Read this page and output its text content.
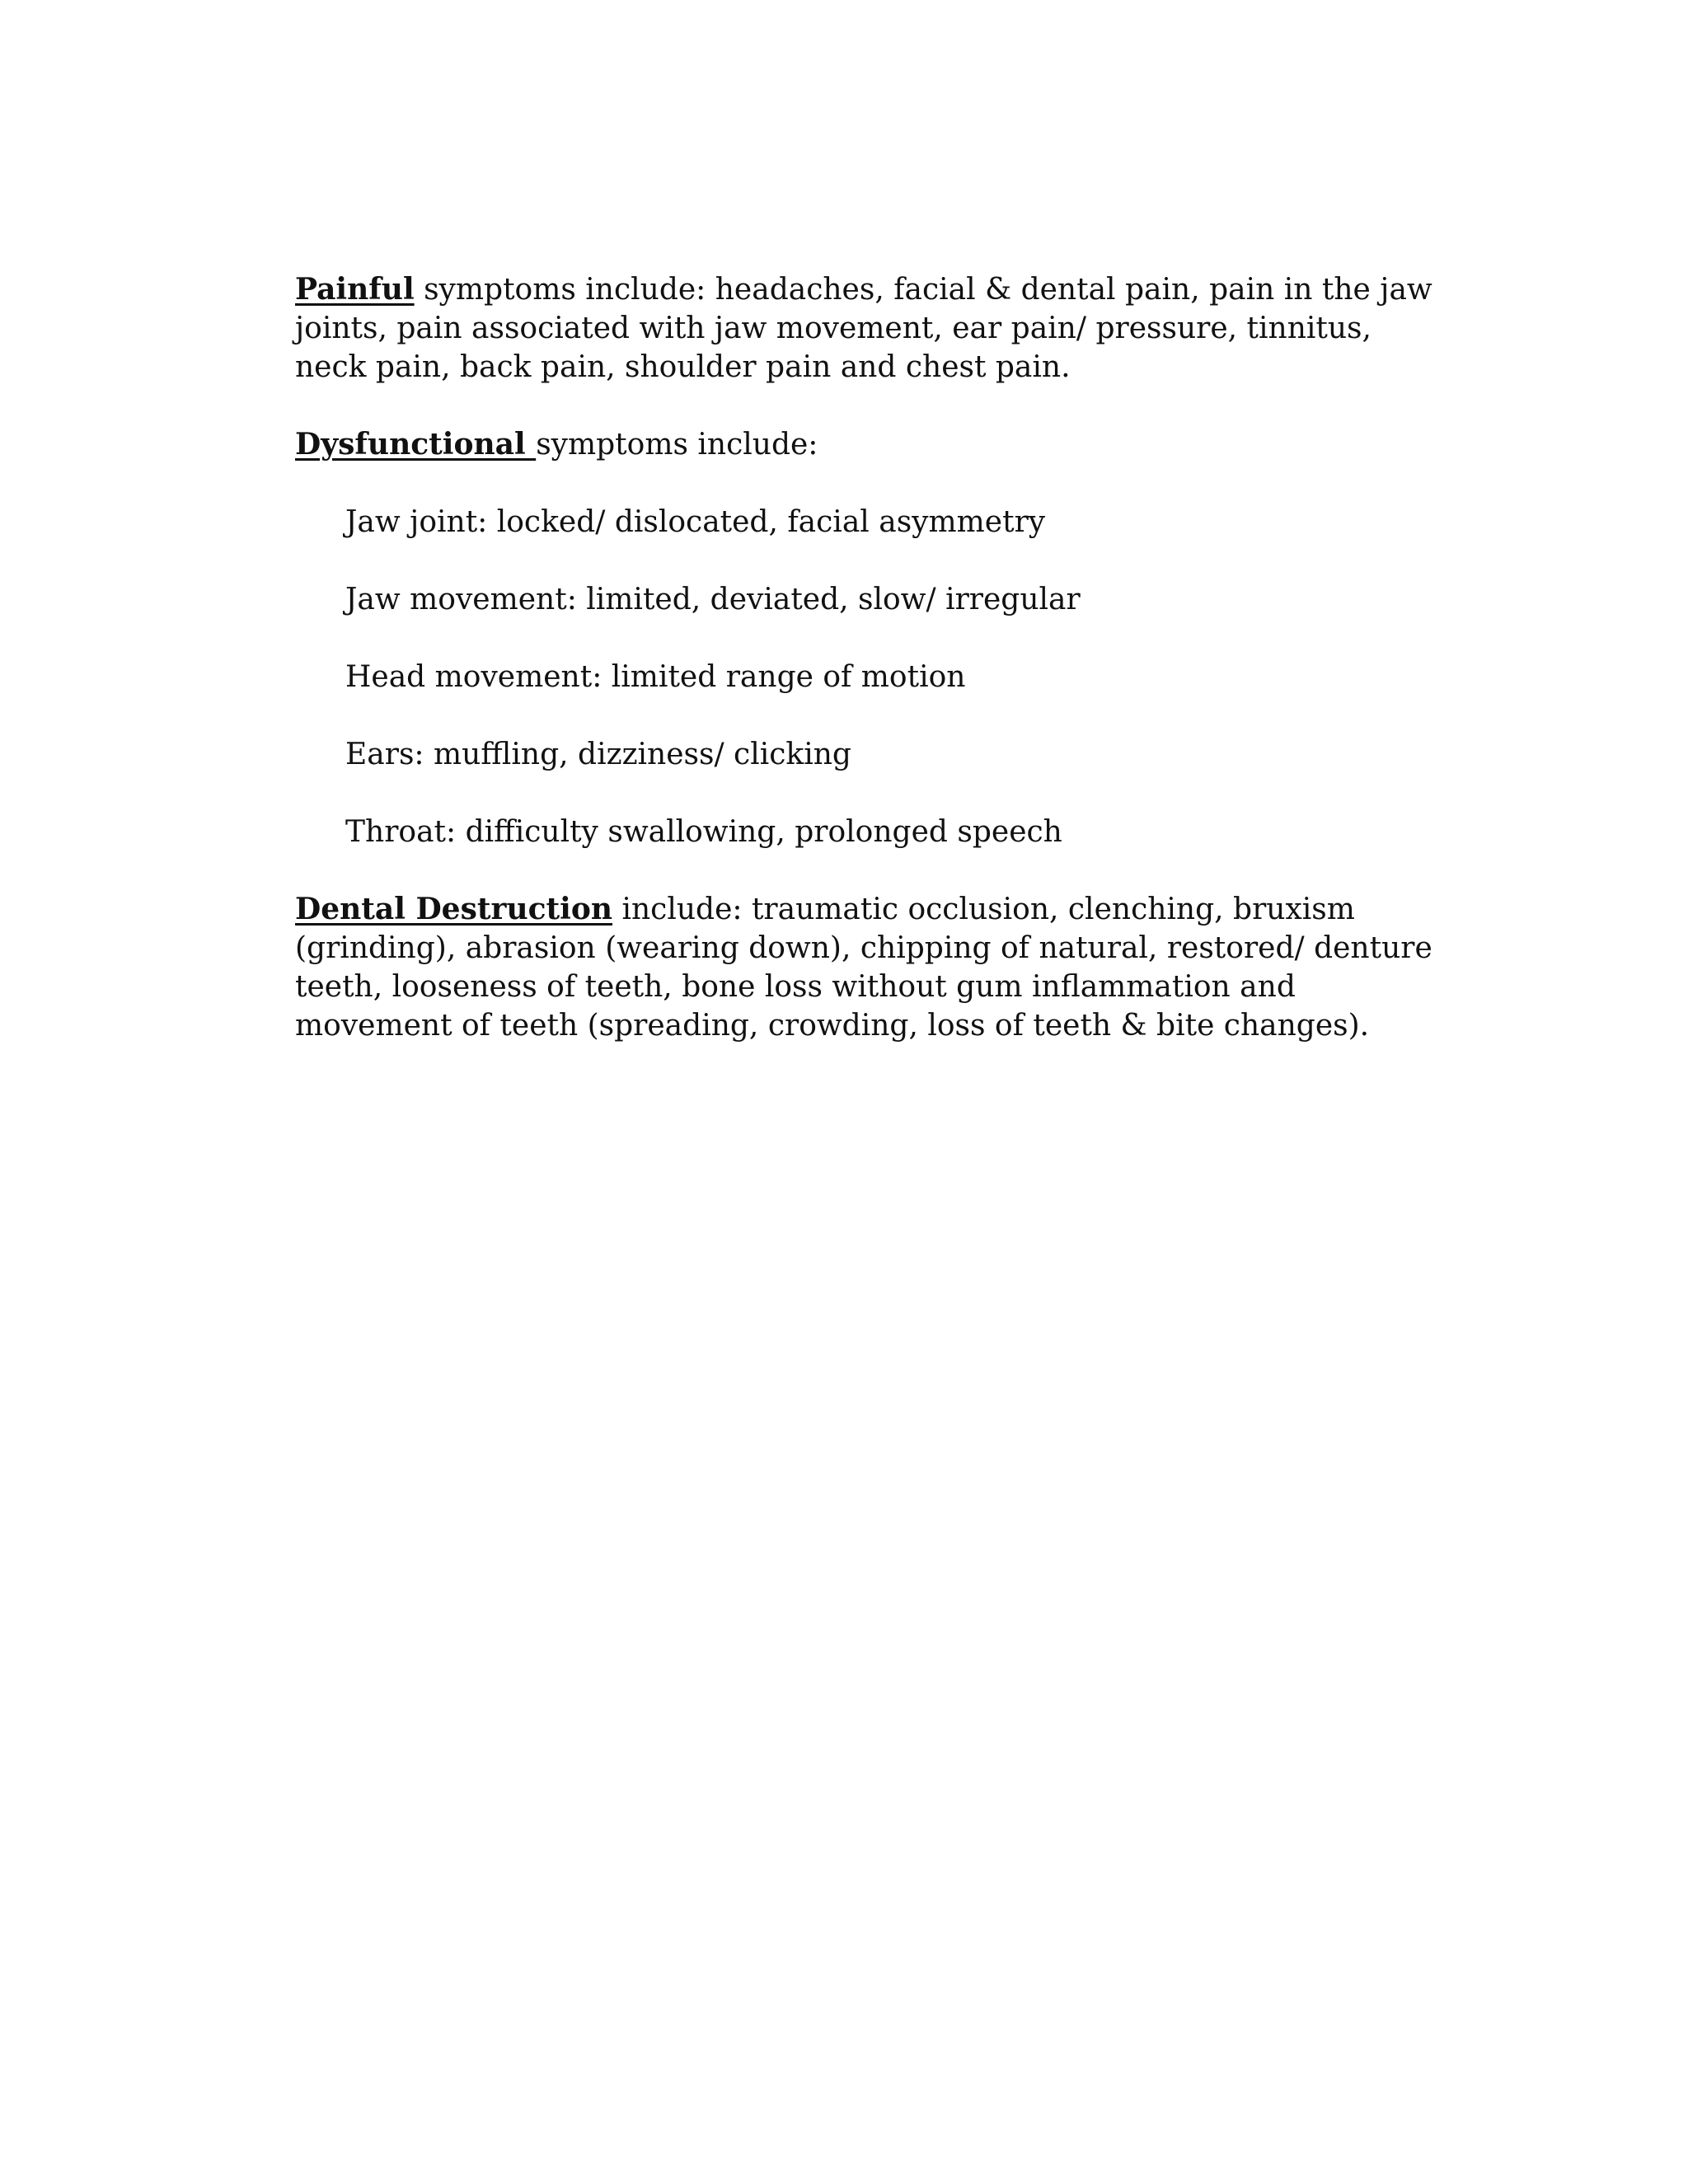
Painful symptoms include: headaches, facial & dental pain, pain in the jaw joints, pain associated with jaw movement, ear pain/ pressure, tinnitus, neck pain, back pain, shoulder pain and chest pain.

Dysfunctional symptoms include:

Jaw joint: locked/ dislocated, facial asymmetry

Jaw movement: limited, deviated, slow/ irregular

Head movement: limited range of motion

Ears: muffling, dizziness/ clicking

Throat: difficulty swallowing, prolonged speech

Dental Destruction include: traumatic occlusion, clenching, bruxism (grinding), abrasion (wearing down), chipping of natural, restored/ denture teeth, looseness of teeth, bone loss without gum inflammation and movement of teeth (spreading, crowding, loss of teeth & bite changes).
